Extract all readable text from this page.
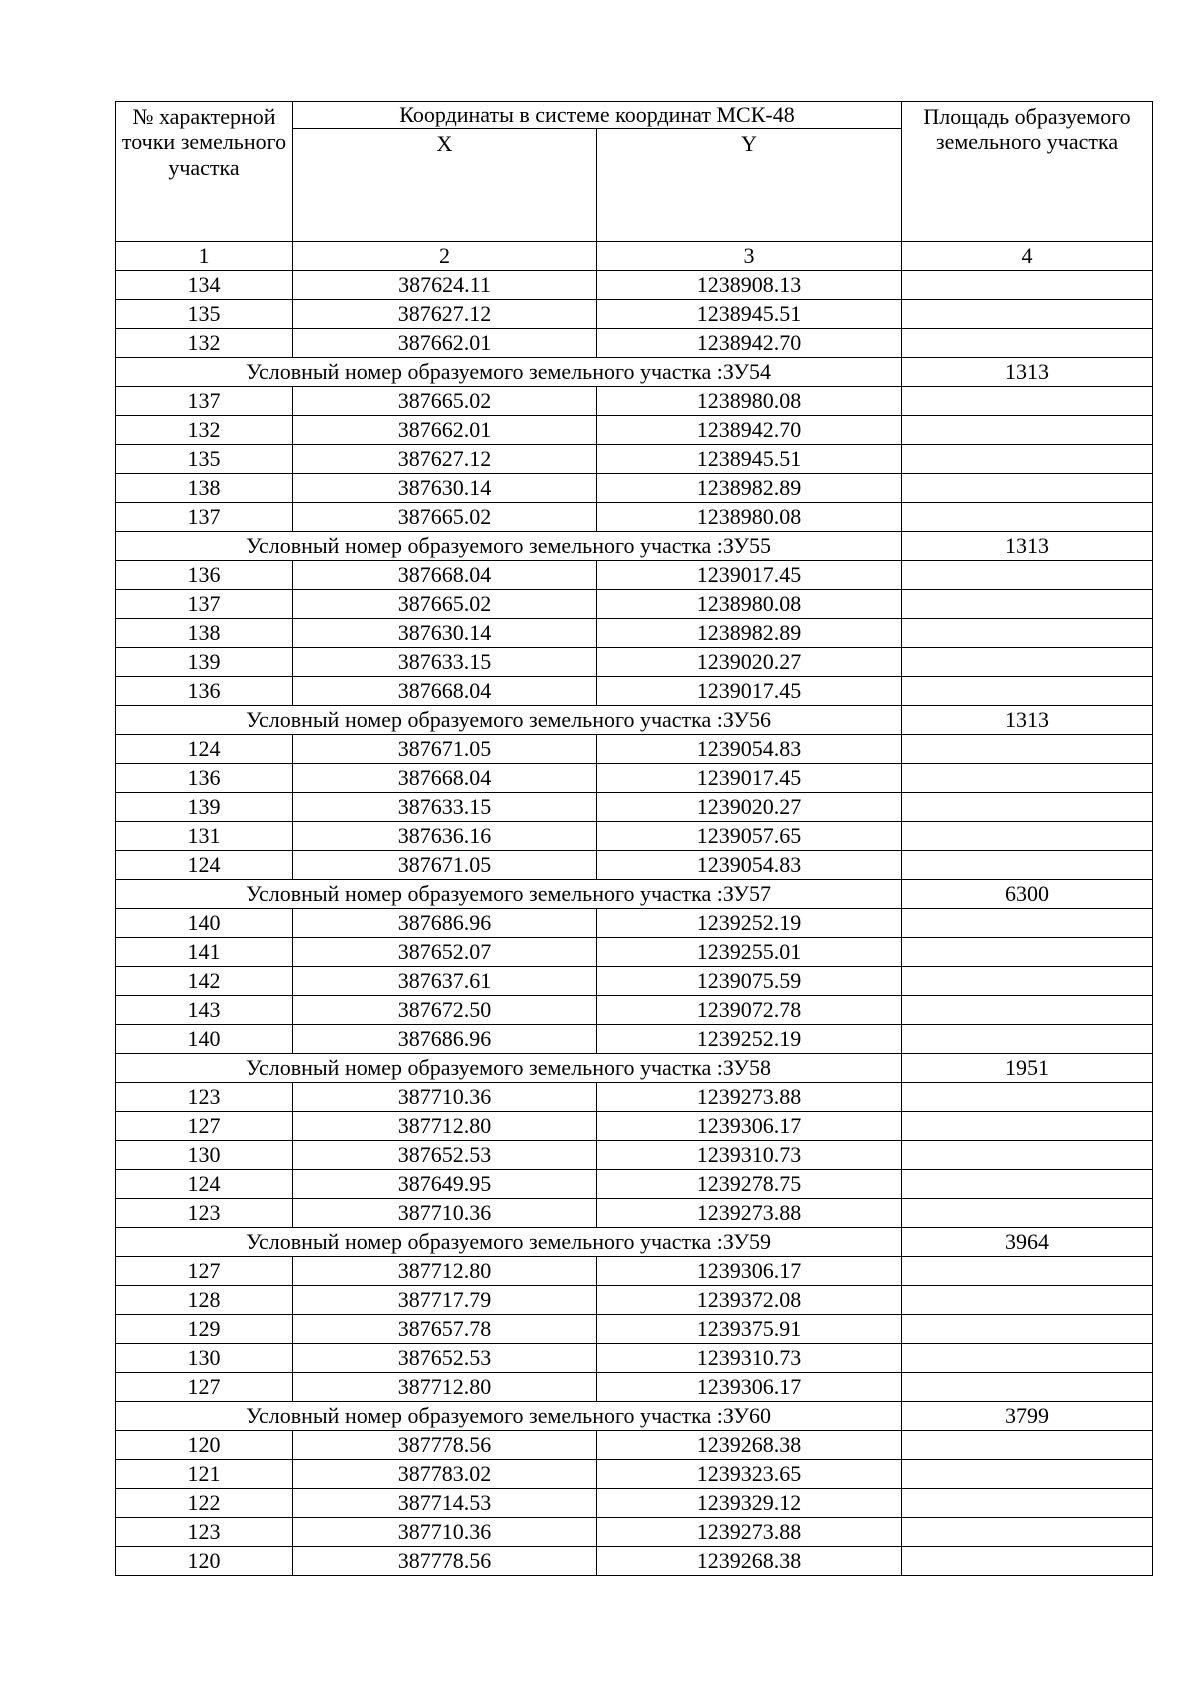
№ характерной точки земельного участка	Координаты в системе координат МСК-48		Площадь образуемого земельного участка
	X	Y	
1	2	3	4
134	387624.11	1238908.13	
135	387627.12	1238945.51	
132	387662.01	1238942.70	
Условный номер образуемого земельного участка :ЗУ54			1313
137	387665.02	1238980.08	
132	387662.01	1238942.70	
135	387627.12	1238945.51	
138	387630.14	1238982.89	
137	387665.02	1238980.08	
Условный номер образуемого земельного участка :ЗУ55			1313
136	387668.04	1239017.45	
137	387665.02	1238980.08	
138	387630.14	1238982.89	
139	387633.15	1239020.27	
136	387668.04	1239017.45	
Условный номер образуемого земельного участка :ЗУ56			1313
124	387671.05	1239054.83	
136	387668.04	1239017.45	
139	387633.15	1239020.27	
131	387636.16	1239057.65	
124	387671.05	1239054.83	
Условный номер образуемого земельного участка :ЗУ57			6300
140	387686.96	1239252.19	
141	387652.07	1239255.01	
142	387637.61	1239075.59	
143	387672.50	1239072.78	
140	387686.96	1239252.19	
Условный номер образуемого земельного участка :ЗУ58			1951
123	387710.36	1239273.88	
127	387712.80	1239306.17	
130	387652.53	1239310.73	
124	387649.95	1239278.75	
123	387710.36	1239273.88	
Условный номер образуемого земельного участка :ЗУ59			3964
127	387712.80	1239306.17	
128	387717.79	1239372.08	
129	387657.78	1239375.91	
130	387652.53	1239310.73	
127	387712.80	1239306.17	
Условный номер образуемого земельного участка :ЗУ60			3799
120	387778.56	1239268.38	
121	387783.02	1239323.65	
122	387714.53	1239329.12	
123	387710.36	1239273.88	
120	387778.56	1239268.38	
